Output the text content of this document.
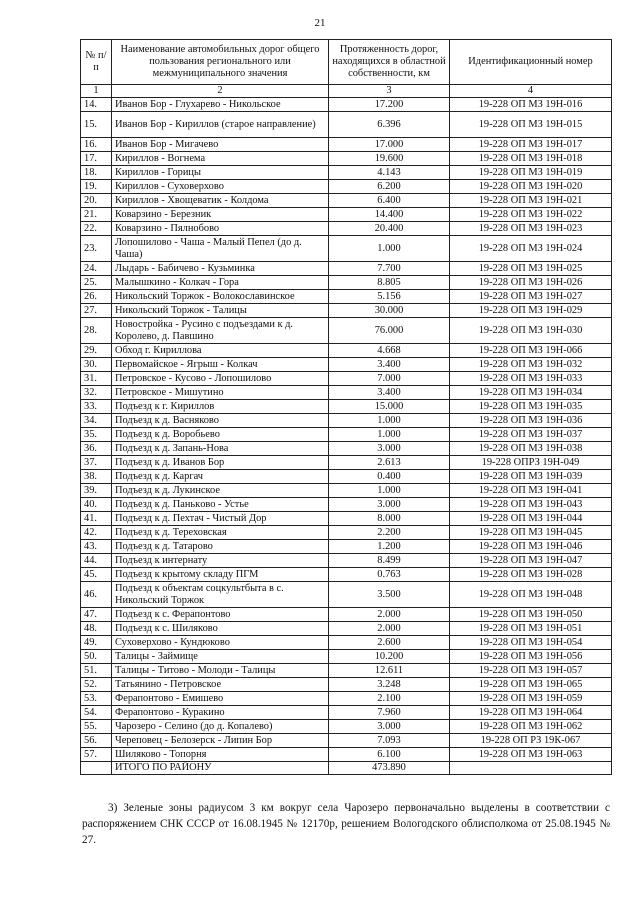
21
№ п/п	Наименование автомобильных дорог общего пользования регионального или межмуниципального значения	Протяженность дорог, находящихся в областной собственности, км	Идентификационный номер
1	2	3	4
14.	Иванов Бор - Глухарево - Никольское	17.200	19-228 ОП МЗ 19Н-016
15.	Иванов Бор - Кириллов (старое направление)	6.396	19-228 ОП МЗ 19Н-015
16.	Иванов Бор - Мигачево	17.000	19-228 ОП МЗ 19Н-017
17.	Кириллов - Вогнема	19.600	19-228 ОП МЗ 19Н-018
18.	Кириллов - Горицы	4.143	19-228 ОП МЗ 19Н-019
19.	Кириллов - Суховерхово	6.200	19-228 ОП МЗ 19Н-020
20.	Кириллов - Хвощеватик - Колдома	6.400	19-228 ОП МЗ 19Н-021
21.	Коварзино - Березник	14.400	19-228 ОП МЗ 19Н-022
22.	Коварзино - Пялнобово	20.400	19-228 ОП МЗ 19Н-023
23.	Лопошилово - Чаша - Малый Пепел (до д. Чаша)	1.000	19-228 ОП МЗ 19Н-024
24.	Лыдарь - Бабичево - Кузьминка	7.700	19-228 ОП МЗ 19Н-025
25.	Малышкино - Колкач - Гора	8.805	19-228 ОП МЗ 19Н-026
26.	Никольский Торжок - Волокославинское	5.156	19-228 ОП МЗ 19Н-027
27.	Никольский Торжок - Талицы	30.000	19-228 ОП МЗ 19Н-029
28.	Новостройка - Русино с подъездами к д. Королево, д. Павшино	76.000	19-228 ОП МЗ 19Н-030
29.	Обход г. Кириллова	4.668	19-228 ОП МЗ 19Н-066
30.	Первомайское - Ягрыш - Колкач	3.400	19-228 ОП МЗ 19Н-032
31.	Петровское - Кусово - Лопошилово	7.000	19-228 ОП МЗ 19Н-033
32.	Петровское - Мишутино	3.400	19-228 ОП МЗ 19Н-034
33.	Подъезд к г. Кириллов	15.000	19-228 ОП МЗ 19Н-035
34.	Подъезд к д. Васняково	1.000	19-228 ОП МЗ 19Н-036
35.	Подъезд к д. Воробьево	1.000	19-228 ОП МЗ 19Н-037
36.	Подъезд к д. Запань-Нова	3.000	19-228 ОП МЗ 19Н-038
37.	Подъезд к д. Иванов Бор	2.613	19-228 ОПРЗ 19Н-049
38.	Подъезд к д. Каргач	0.400	19-228 ОП МЗ 19Н-039
39.	Подъезд к д. Лукинское	1.000	19-228 ОП МЗ 19Н-041
40.	Подъезд к д. Панькoво - Устье	3.000	19-228 ОП МЗ 19Н-043
41.	Подъезд к д. Пехтач - Чистый Дор	8.000	19-228 ОП МЗ 19Н-044
42.	Подъезд к д. Тереховская	2.200	19-228 ОП МЗ 19Н-045
43.	Подъезд к д. Татарово	1.200	19-228 ОП МЗ 19Н-046
44.	Подъезд к интернату	8.499	19-228 ОП МЗ 19Н-047
45.	Подъезд к крытому складу ПГМ	0.763	19-228 ОП МЗ 19Н-028
46.	Подъезд к объектам соцкультбыта в с. Никольский Торжок	3.500	19-228 ОП МЗ 19Н-048
47.	Подъезд к с. Ферапонтово	2.000	19-228 ОП МЗ 19Н-050
48.	Подъезд к с. Шиляково	2.000	19-228 ОП МЗ 19Н-051
49.	Суховерхово - Кундюково	2.600	19-228 ОП МЗ 19Н-054
50.	Талицы - Займище	10.200	19-228 ОП МЗ 19Н-056
51.	Талицы - Титово - Молоди - Талицы	12.611	19-228 ОП МЗ 19Н-057
52.	Татьянино - Петровское	3.248	19-228 ОП МЗ 19Н-065
53.	Ферапонтово - Емишево	2.100	19-228 ОП МЗ 19Н-059
54.	Ферапонтово - Куракино	7.960	19-228 ОП МЗ 19Н-064
55.	Чарозеро - Селино (до д. Копалево)	3.000	19-228 ОП МЗ 19Н-062
56.	Череповец - Белозерск - Липин Бор	7.093	19-228 ОП РЗ 19К-067
57.	Шиляково - Топорня	6.100	19-228 ОП МЗ 19Н-063
	ИТОГО ПО РАЙОНУ	473.890	
3) Зеленые зоны радиусом 3 км вокруг села Чарозеро первоначально выделены в соответствии с распоряжением СНК СССР от 16.08.1945 № 12170р, решением Вологодского облисполкома от 25.08.1945 № 27.
